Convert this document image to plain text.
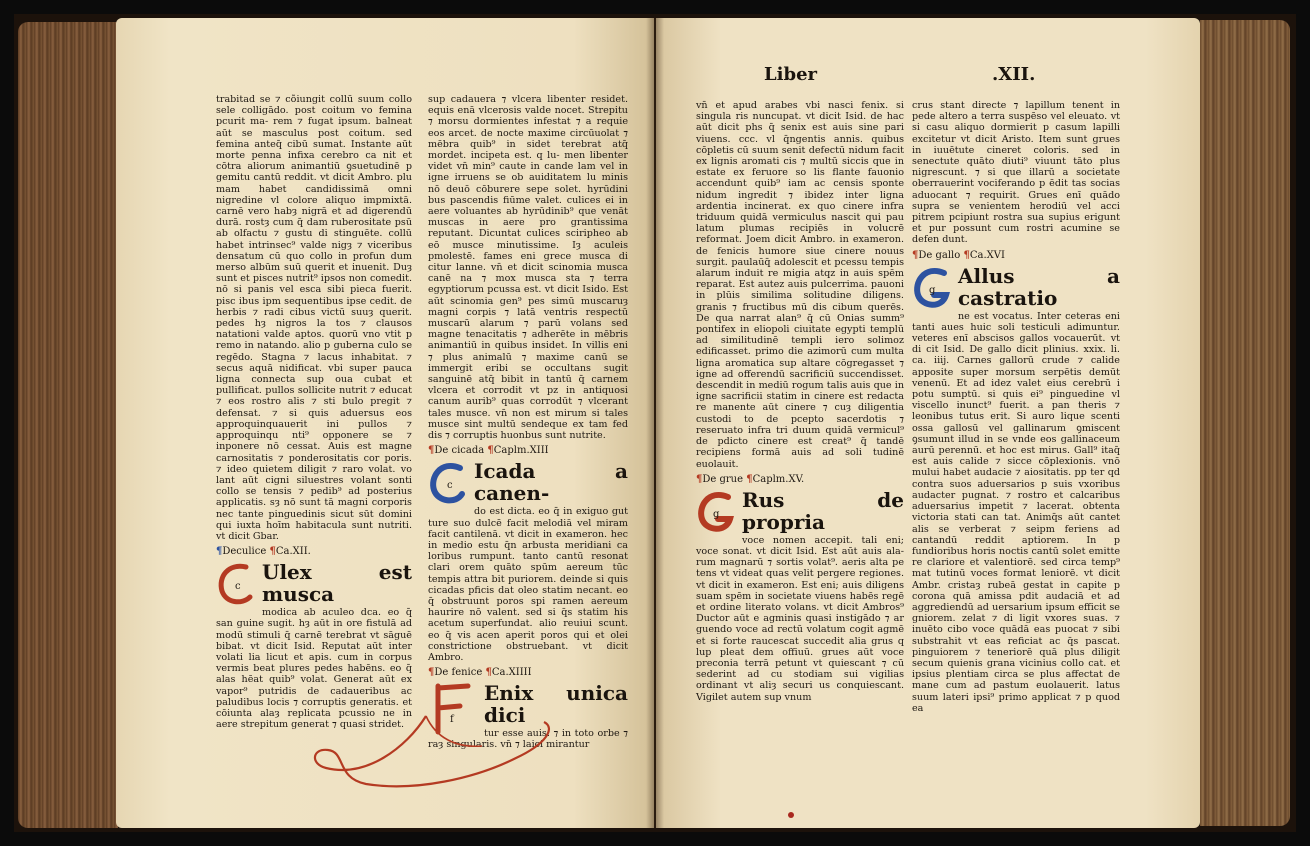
trabitad se ⁊ cõiungit collū suum collo sele colligādo. post coitum vo femina pcurit ma‑ rem ⁊ fugat ipsum. balneat aūt se masculus post coitum. sed femina anteq̄ cibū sumat. Instante aūt morte penna infixa cerebro ca nit et cōtra aliorum animantiū ꝯsuetudinē p gemitu cantū reddit. vt dicit Ambro. plu mam habet candidissimā omni nigredine vl colore aliquo impmixtā. carnē vero habȝ nigrā et ad digerendū durā. rostȝ cum q̄ dam ruberositate psū ab olfactu ⁊ gustu di stinguēte. collū habet intrinsec⁹ valde nigȝ ⁊ viceribus densatum cū quo collo in profun dum merso albūm suū querit et inuenit. Duȝ sunt et pisces nutrit⁹ ipsos non comedit. nō si panis vel esca sibi pieca fuerit. pisc ibus ipm sequentibus ipse cedit. de herbis ⁊ radi cibus victū suuȝ querit. pedes hȝ nigros la tos ⁊ clausos natationi valde aptos. quorū vno vtit p remo in natando. alio p guberna culo se regēdo. Stagna ⁊ lacus inhabitat. ⁊ secus aquā nidificat. vbi super pauca ligna connecta sup oua cubat et pullificat. pullos sollicite nutrit ⁊ educat ⁊ eos rostro alis ⁊ sti bulo pregit ⁊ defensat. ⁊ si quis aduersus eos approquinquauerit ini pullos ⁊ approquinqu nti⁹ opponere se ⁊ inponere nō cessat. Auis est magne carnositatis ⁊ ponderositatis cor poris. ⁊ ideo quietem diligit ⁊ raro volat. vo lant aūt cigni siluestres volant sonti collo se tensis ⁊ pedib⁹ ad posterius applicatis. sȝ nō sunt tā magni corporis nec tante pinguedinis sicut sūt domini qui iuxta hoīm habitacula sunt nutriti. vt dicit Gbar.

¶Deculice ¶Ca.XII.
c
Ulex est musca

modica ab aculeo dca. eo q̄ san guine sugit. hȝ aūt in ore fistulā ad modū stimuli q̄ carnē terebrat vt sāguē bibat. vt dicit Isid. Reputat aūt inter volati lia licut et apis. cum in corpus vermis beat plures pedes habēns. eo q̄ alas hēat quib⁹ volat. Generat aūt ex vapor⁹ putridis de cadaueribus ac paludibus locis ⁊ corruptis generatis. et cōiunta alaȝ replicata pcussio ne in aere strepitum generat ⁊ quasi stridet.

sup cadauera ⁊ vlcera libenter residet. equis enā vlcerosis valde nocet. Strepitu ⁊ morsu dormientes infestat ⁊ a requie eos arcet. de nocte maxime circūuolat ⁊ mēbra quib⁹ in sidet terebrat atq̄ mordet. incipeta est. q lu‑ men libenter videt vn̄ min⁹ caute in cande lam vel in igne irruens se ob auiditatem lu minis nō deuō cōburere sepe solet. hyrūdini bus pascendis fiūme valet. culices ei in aere voluantes ab hyrūdinib⁹ que venāt muscas in aere pro grantissima reputant. Dicuntat culices sciripheo ab eō musce minutissime. Iȝ aculeis pmolestē. fames eni grece musca di citur lanne. vn̄ et dicit scinomia musca canē na ⁊ mox musca sta ⁊ terra egyptiorum pcussa est. vt dicit Isido. Est aūt scinomia gen⁹ pes simū muscaruȝ magni corpis ⁊ latā ventris respectū muscarū alarum ⁊ parū volans sed magne tenacitatis ⁊ adherēte in mēbris animantiū in quibus insidet. In villis eni ⁊ plus animalū ⁊ maxime canū se immergit eribi se occultans sugit sanguinē atq̄ bibit in tantū q̄ carnem vlcera et corrodit vt pz in antiquosi canum aurib⁹ quas corrodūt ⁊ vlcerant tales musce. vn̄ non est mirum si tales musce sint multū sendeque ex tam fed dis ⁊ corruptis huonbus sunt nutrite.

¶De cicada ¶Caplm.XIII
c
Icada a canen‑

do est dicta. eo q̄ in exiguo gut ture suo dulcē facit melodiā vel miram facit cantilenā. vt dicit in exameron. hec in medio estu q̄n arbusta meridiani ca loribus rumpunt. tanto cantū resonat clari orem quāto spūm aereum tūc tempis attra bit puriorem. deinde si quis cicadas pficis dat oleo statim necant. eo q̄ obstruunt poros spi ramen aereum haurire nō valent. sed si q̄s statim his acetum superfundat. alio reuiui scunt. eo q̄ vis acen aperit poros qui et olei constrictione obstruebant. vt dicit Ambro.

¶De fenice ¶Ca.XIIII
f
Enix unica dici

tur esse auis. ⁊ in toto orbe ⁊ raȝ singularis. vn̄ ⁊ laici mirantur

Liber	.XII.

vn̄ et apud arabes vbi nasci fenix. si singula ris nuncupat. vt dicit Isid. de hac aūt dicit phs q̄ senix est auis sine pari viuens. ccc. vl q̄ngentis annis. quibus cōpletis cū suum senit defectū nidum facit ex lignis aromati cis ⁊ multū siccis que in estate ex feruore so lis flante fauonio accendunt quib⁹ iam ac censis sponte nidum ingredit ⁊ ibidez inter ligna ardentia incinerat. ex quo cinere infra triduum quidā vermiculus nascit qui pau latum plumas recipiēs in volucrē reformat. Joem dicit Ambro. in exameron. de fenicis humore siue cinere nouus surgit. paulaūq̄ adolescit et pcessu tempis alarum induit re migia atqz in auis spēm reparat. Est autez auis pulcerrima. pauoni in plūis similima solitudine diligens. granis ⁊ fructibus mū dis cibum querēs. De qua narrat alan⁹ q̄ cū Onias summ⁹ pontifex in eliopoli ciuitate egypti templū ad similitudinē templi iero solimoz edificasset. primo die azimorū cum multa ligna aromatica sup altare cōgregasset ⁊ igne ad offerendū sacrificiū succendisset. descendit in mediū rogum talis auis que in igne sacrificii statim in cinere est redacta re manente aūt cinere ⁊ cuȝ diligentia custodi to de pcepto sacerdotis ⁊ reseruato infra tri duum quidā vermicul⁹ de pdicto cinere est creat⁹ q̄ tandē recipiens formā auis ad soli tudinē euolauit.

¶De grue ¶Caplm.XV.
g
Rus de propria

voce nomen accepit. tali eni; voce sonat. vt dicit Isid. Est aūt auis ala‑ rum magnarū ⁊ sortis volat⁹. aeris alta pe tens vt videat quas velit pergere regiones. vt dicit in exameron. Est eni; auis diligens suam spēm in societate viuens habēs regē et ordine literato volans. vt dicit Ambros⁹ Ductor aūt e agminis quasi instigādo ⁊ ar guendo voce ad rectū volatum cogit agmē et si forte raucescat succedit alia grus q lup pleat dem offiuū. grues aūt voce preconia terrā petunt vt quiescant ⁊ cū sederint ad cu stodiam sui vigilias ordinant vt aliȝ securi us conquiescant. Vigilet autem sup vnum

crus stant directe ⁊ lapillum tenent in pede altero a terra suspēso vel eleuato. vt si casu aliquo dormierit p casum lapilli excitetur vt dicit Aristo. Item sunt grues in iuuētute cineret coloris. sed in senectute quāto diuti⁹ viuunt tāto plus nigrescunt. ⁊ si que illarū a societate oberrauerint vociferando p ēdit tas socias aduocant ⁊ requirit. Grues enī quādo supra se venientem herodiū vel acci pitrem pcipiunt rostra sua supius erigunt et pur possunt cum rostri acumine se defen dunt.

¶De gallo ¶Ca.XVI
g
Allus a castratio

ne est vocatus. Inter ceteras eni tanti aues huic soli testiculi adimuntur. veteres enī abscisos gallos vocauerūt. vt di cit Isid. De gallo dicit plinius. xxix. li. ca. iiij. Carnes gallorū crude ⁊ calide apposite super morsum serpētis demūt venenū. Et ad idez valet eius cerebrū i potu sumptū. si quis ei⁹ pinguedine vl viscello inunct⁹ fuerit. a pan theris ⁊ leonibus tutus erit. Si auro lique scenti ossa gallosū vel gallinarum ꝯmiscent ꝯsumunt illud in se vnde eos gallinaceum aurū perennū. et hoc est mirus. Gall⁹ itaq̄ est auis calide ⁊ sicce cōplexionis. vnō mului habet audacie ⁊ aiositatis. pp ter qd contra suos aduersarios p suis vxoribus audacter pugnat. ⁊ rostro et calcaribus aduersarius impetit ⁊ lacerat. obtenta victoria stati can tat. Animq̄s aūt cantet alis se verberat ⁊ seipm feriens ad cantandū reddit aptiorem. In p fundioribus horis noctis cantū solet emitte re clariore et valentiorē. sed circa temp⁹ mat tutinū voces format leniorē. vt dicit Ambr. cristaȝ rubeā gestat in capite p corona quā amissa pdit audaciā et ad aggrediendū ad uersarium ipsum efficit se gniorem. zelat ⁊ di ligit vxores suas. ⁊ inuēto cibo voce quādā eas puocat ⁊ sibi substrahit vt eas reficiat ac q̄s pascat. pinguiorem ⁊ teneriorē quā plus diligit secum quienis grana vicinius collo cat. et ipsius plentiam circa se plus affectat de mane cum ad pastum euolauerit. latus suum lateri ipsi⁹ primo applicat ⁊ p quod ea
